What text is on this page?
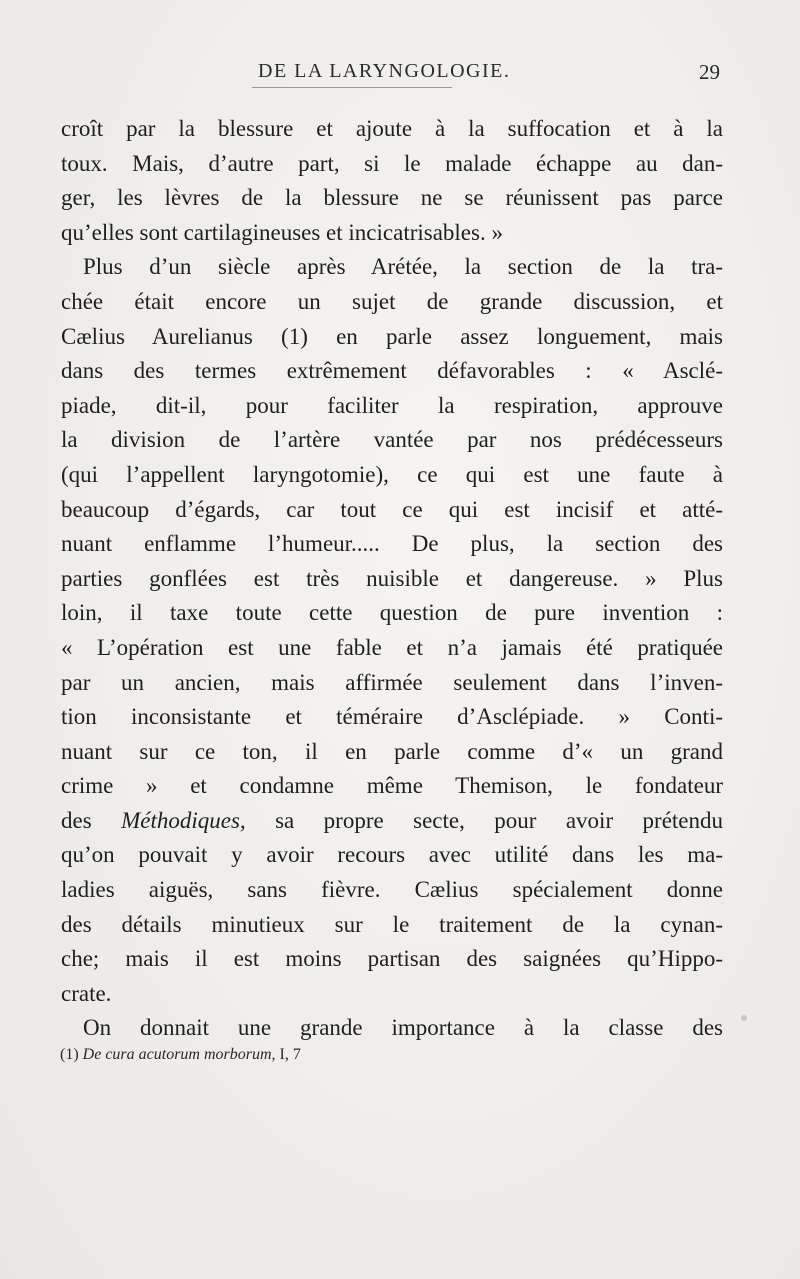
DE LA LARYNGOLOGIE.	29
croît par la blessure et ajoute à la suffocation et à la
toux. Mais, d’autre part, si le malade échappe au dan-
ger, les lèvres de la blessure ne se réunissent pas parce
qu’elles sont cartilagineuses et incicatrisables. »
Plus d’un siècle après Arétée, la section de la tra-
chée était encore un sujet de grande discussion, et
Cælius Aurelianus (1) en parle assez longuement, mais
dans des termes extrêmement défavorables : « Asclé-
piade, dit-il, pour faciliter la respiration, approuve
la division de l’artère vantée par nos prédécesseurs
(qui l’appellent laryngotomie), ce qui est une faute à
beaucoup d’égards, car tout ce qui est incisif et atté-
nuant enflamme l’humeur..... De plus, la section des
parties gonflées est très nuisible et dangereuse. » Plus
loin, il taxe toute cette question de pure invention :
« L’opération est une fable et n’a jamais été pratiquée
par un ancien, mais affirmée seulement dans l’inven-
tion inconsistante et téméraire d’Asclépiade. » Conti-
nuant sur ce ton, il en parle comme d’« un grand
crime » et condamne même Themison, le fondateur
des Méthodiques, sa propre secte, pour avoir prétendu
qu’on pouvait y avoir recours avec utilité dans les ma-
ladies aiguës, sans fièvre. Cælius spécialement donne
des détails minutieux sur le traitement de la cynan-
che; mais il est moins partisan des saignées qu’Hippo-
crate.
On donnait une grande importance à la classe des
(1) De cura acutorum morborum, I, 7
